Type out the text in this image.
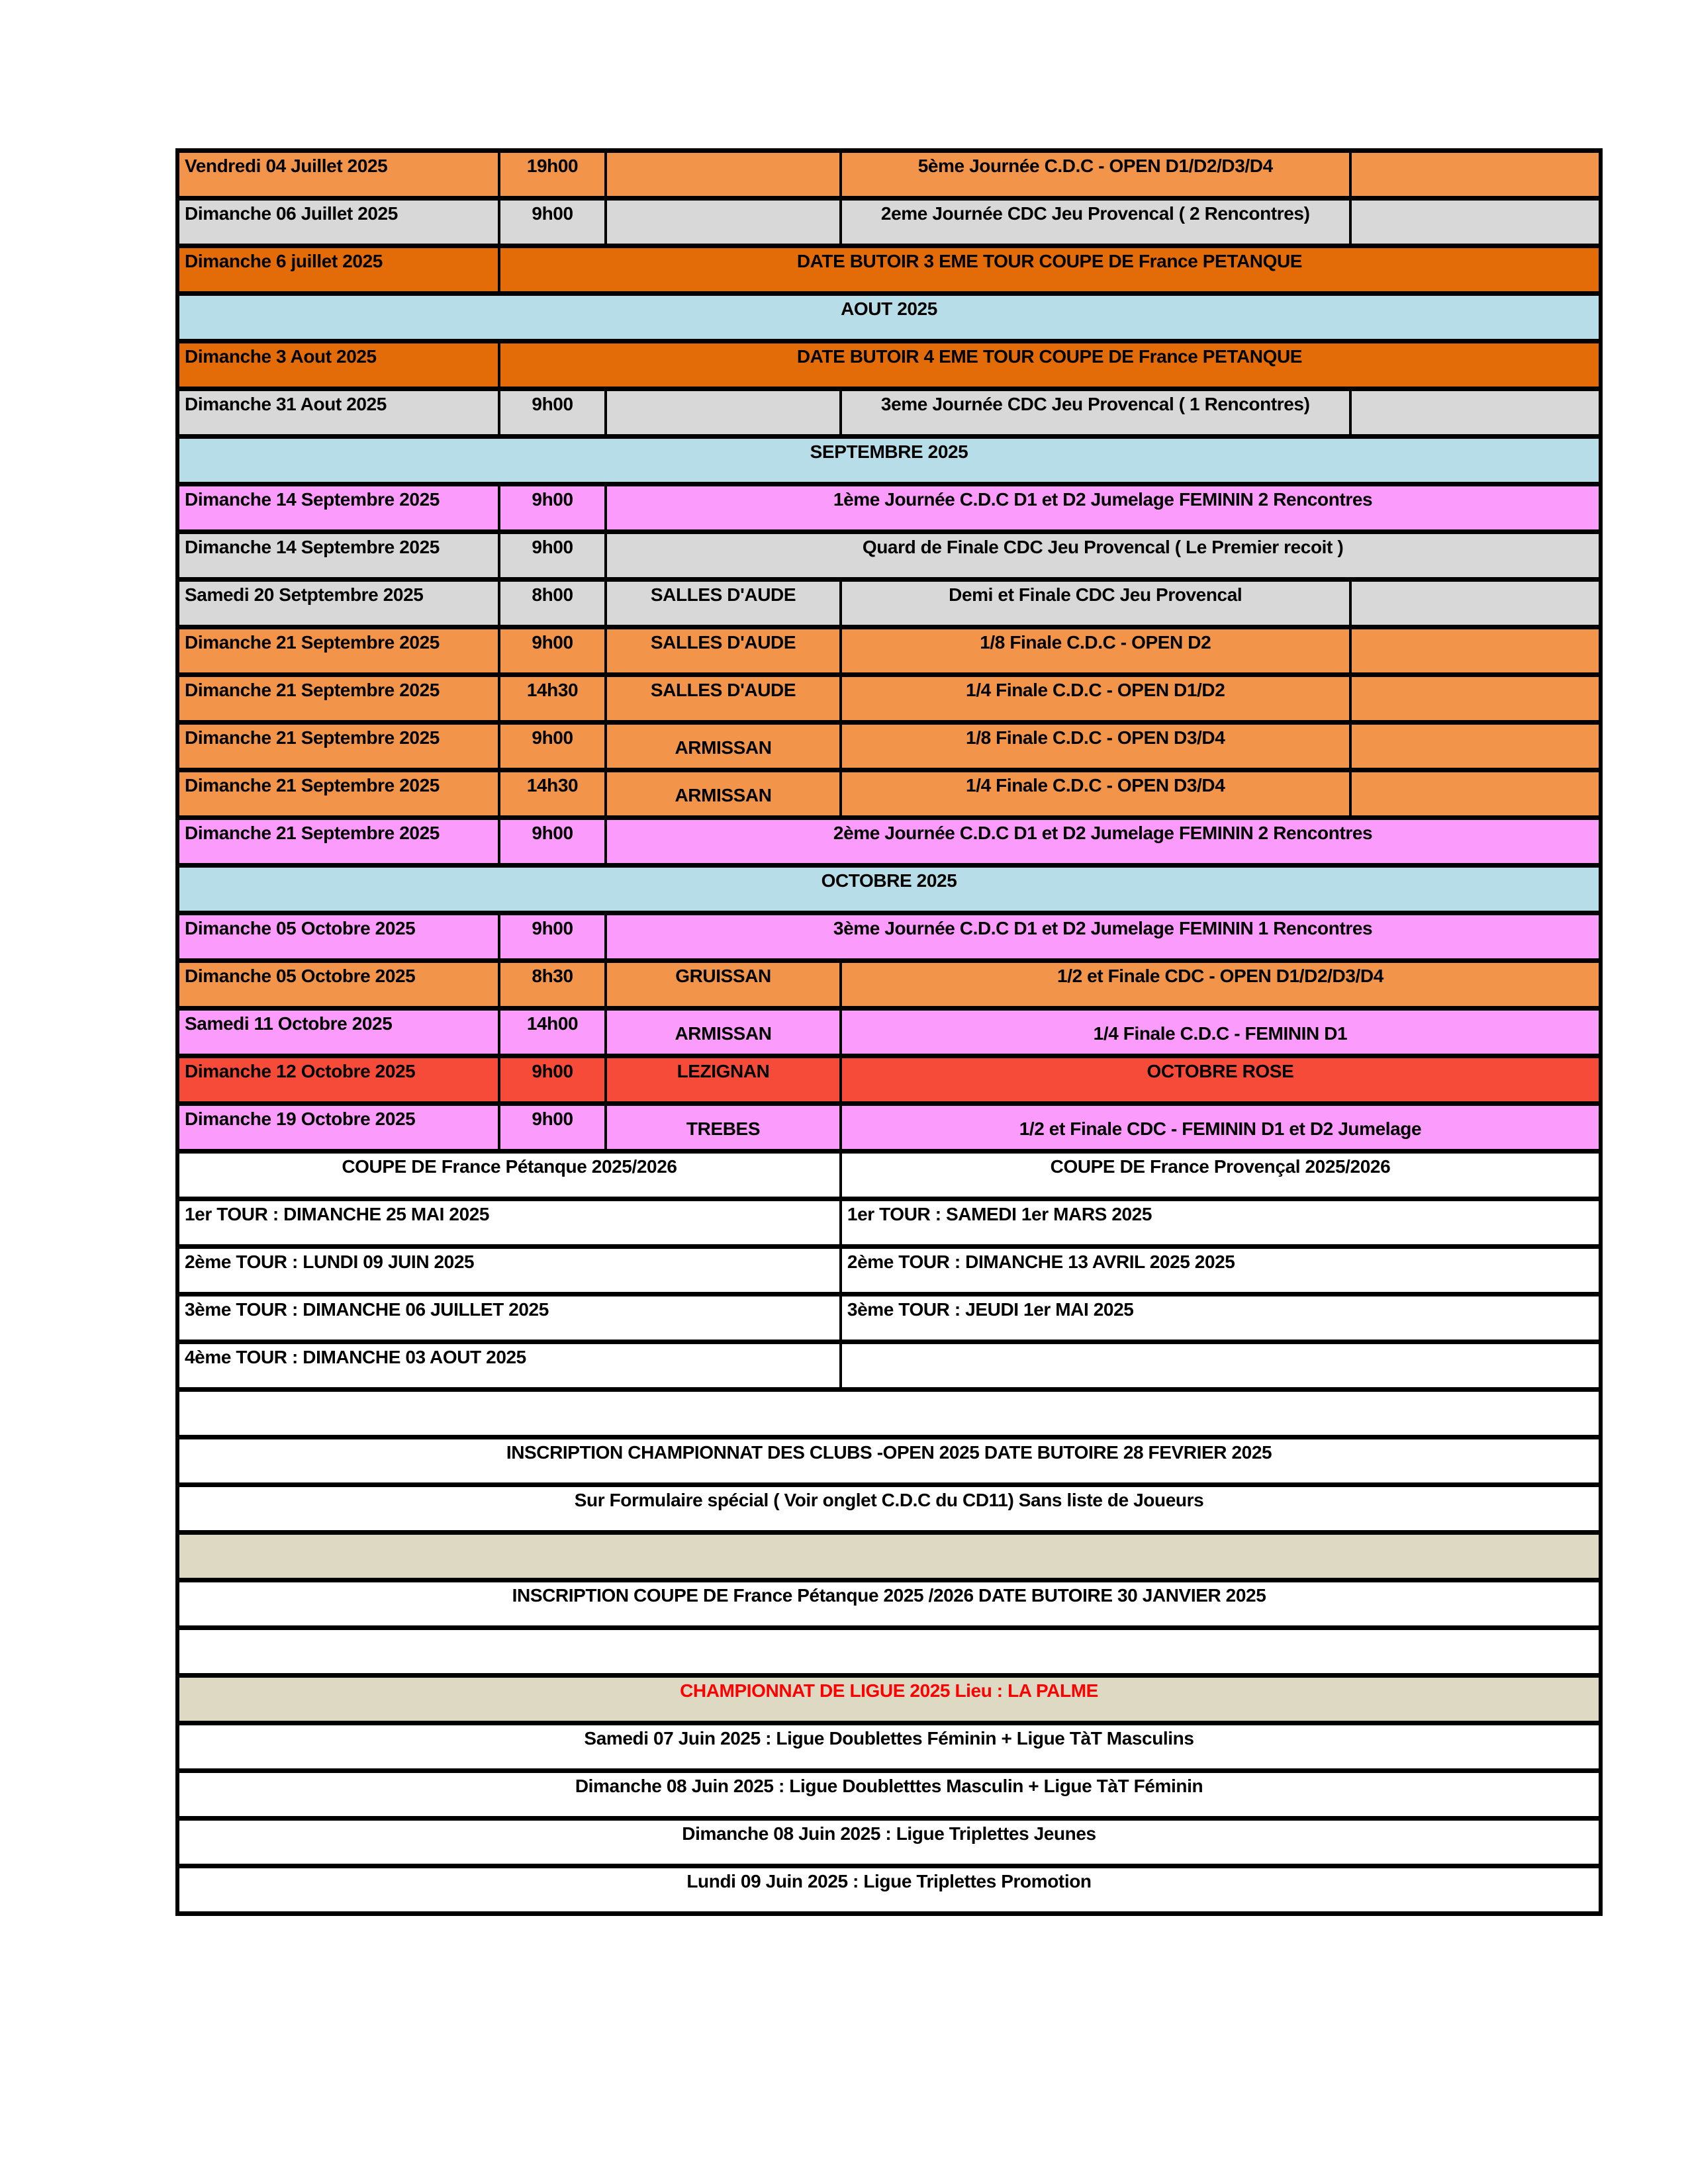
Vendredi 04 Juillet 2025	19h00		5ème Journée C.D.C - OPEN D1/D2/D3/D4	
Dimanche 06 Juillet 2025	9h00		2eme Journée CDC Jeu Provencal ( 2 Rencontres)	
Dimanche 6 juillet 2025	DATE BUTOIR 3 EME TOUR COUPE DE France PETANQUE			
AOUT 2025				
Dimanche 3 Aout 2025	DATE BUTOIR 4 EME TOUR COUPE DE France PETANQUE			
Dimanche 31 Aout 2025	9h00		3eme Journée CDC Jeu Provencal ( 1 Rencontres)	
SEPTEMBRE 2025				
Dimanche 14 Septembre 2025	9h00	1ème Journée C.D.C D1 et D2 Jumelage FEMININ 2 Rencontres		
Dimanche 14 Septembre 2025	9h00	Quard de Finale CDC Jeu Provencal ( Le Premier recoit )		
Samedi 20 Setptembre 2025	8h00	SALLES D'AUDE	Demi et Finale CDC Jeu Provencal	
Dimanche 21 Septembre 2025	9h00	SALLES D'AUDE	1/8 Finale C.D.C - OPEN D2	
Dimanche 21 Septembre 2025	14h30	SALLES D'AUDE	1/4 Finale C.D.C - OPEN D1/D2	
Dimanche 21 Septembre 2025	9h00	ARMISSAN	1/8 Finale C.D.C - OPEN D3/D4	
Dimanche 21 Septembre 2025	14h30	ARMISSAN	1/4 Finale C.D.C - OPEN D3/D4	
Dimanche 21 Septembre 2025	9h00	2ème Journée C.D.C D1 et D2 Jumelage FEMININ 2 Rencontres		
OCTOBRE 2025				
Dimanche 05 Octobre 2025	9h00	3ème Journée C.D.C D1 et D2 Jumelage FEMININ 1 Rencontres		
Dimanche 05 Octobre 2025	8h30	GRUISSAN	1/2 et Finale CDC - OPEN D1/D2/D3/D4	
Samedi 11 Octobre 2025	14h00	ARMISSAN	1/4 Finale C.D.C - FEMININ D1	
Dimanche 12 Octobre 2025	9h00	LEZIGNAN	OCTOBRE ROSE	
Dimanche 19 Octobre 2025	9h00	TREBES	1/2 et Finale CDC - FEMININ D1 et D2 Jumelage	
COUPE DE France Pétanque 2025/2026			COUPE DE France Provençal 2025/2026	
1er TOUR : DIMANCHE 25 MAI 2025			1er TOUR : SAMEDI 1er MARS 2025	
2ème TOUR : LUNDI 09 JUIN 2025			2ème TOUR : DIMANCHE 13 AVRIL 2025 2025	
3ème TOUR : DIMANCHE 06 JUILLET 2025			3ème TOUR : JEUDI 1er MAI 2025	
4ème TOUR : DIMANCHE 03 AOUT 2025				

INSCRIPTION CHAMPIONNAT DES CLUBS -OPEN 2025 DATE BUTOIRE 28 FEVRIER 2025				
Sur Formulaire spécial ( Voir onglet C.D.C du CD11) Sans liste de Joueurs				

INSCRIPTION COUPE DE France Pétanque 2025 /2026 DATE BUTOIRE 30 JANVIER 2025				

CHAMPIONNAT DE LIGUE 2025 Lieu : LA PALME				
Samedi 07 Juin 2025 : Ligue Doublettes Féminin + Ligue TàT Masculins				
Dimanche 08 Juin 2025 : Ligue Doubletttes Masculin + Ligue TàT Féminin				
Dimanche 08 Juin 2025 : Ligue Triplettes Jeunes				
Lundi 09 Juin 2025 : Ligue Triplettes Promotion				
